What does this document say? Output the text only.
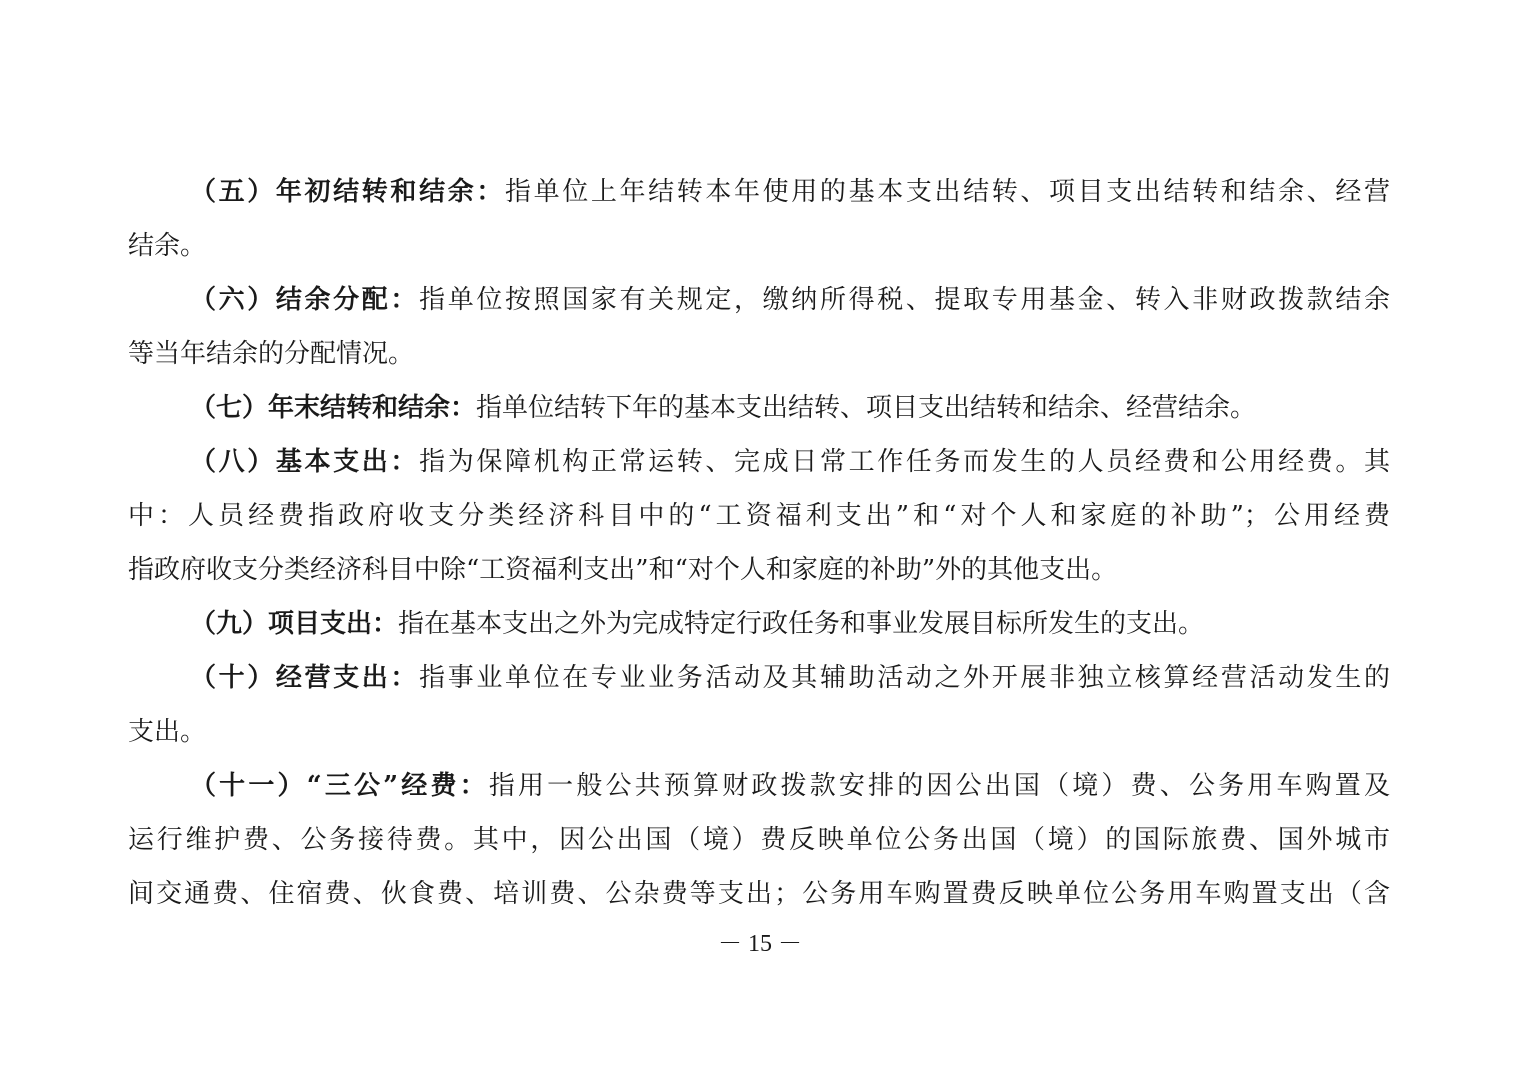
（五）年初结转和结余：指单位上年结转本年使用的基本支出结转、项目支出结转和结余、经营
结余。
（六）结余分配：指单位按照国家有关规定，缴纳所得税、提取专用基金、转入非财政拨款结余
等当年结余的分配情况。
（七）年末结转和结余：指单位结转下年的基本支出结转、项目支出结转和结余、经营结余。
（八）基本支出：指为保障机构正常运转、完成日常工作任务而发生的人员经费和公用经费。其
中：人员经费指政府收支分类经济科目中的“工资福利支出”和“对个人和家庭的补助”；公用经费
指政府收支分类经济科目中除“工资福利支出”和“对个人和家庭的补助”外的其他支出。
（九）项目支出：指在基本支出之外为完成特定行政任务和事业发展目标所发生的支出。
（十）经营支出：指事业单位在专业业务活动及其辅助活动之外开展非独立核算经营活动发生的
支出。
（十一）“三公”经费：指用一般公共预算财政拨款安排的因公出国（境）费、公务用车购置及
运行维护费、公务接待费。其中，因公出国（境）费反映单位公务出国（境）的国际旅费、国外城市
间交通费、住宿费、伙食费、培训费、公杂费等支出；公务用车购置费反映单位公务用车购置支出（含
－ 15 －
